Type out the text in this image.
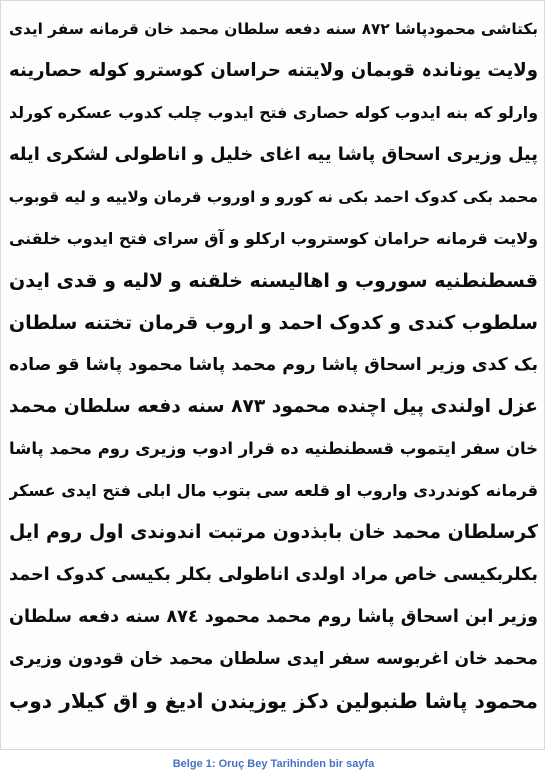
بکتاشی محمودپاشا ٨٧٢ سنه دفعه سلطان محمد خان قرمانه سفر ایدی
ولایت یوناندہ قوبمان ولایتنه حراسان کوسترو کوله حصارینه
وارلو که بنه ایدوب کوله حصاری فتح ایدوب چلب کدوب عسکره کورلد
پیل وزیری اسحاق پاشا ییه اغای خلیل و اناطولی لشکری ایله
محمد بکی کدوک احمد بکی نه کورو و اوروب قرمان ولاییه و لیه قوبوب
ولایت قرمانه حرامان کوستروب ارکلو و آق سرای فتح ایدوب خلقنی
قسطنطنیه سوروب و اهالیسنه خلقنه و لالیه و قدی ایدن
سلطوب کندی و کدوک احمد و اروب قرمان تختنه سلطان
بک کدی وزیر اسحاق پاشا روم محمد پاشا محمود پاشا قو صاده
عزل اولندی پیل اچنده محمود ٨٧٣ سنه دفعه سلطان محمد
خان سفر ایتموب قسطنطنیه ده قرار ادوب وزیری روم محمد پاشا
قرمانه کوندردی واروب او قلعه سی بتوب مال ابلی فتح ایدی عسکر
کرسلطان محمد خان بابذدون مرتبت اندوندی اول روم ایل
بکلربکیسی خاص مراد اولدی اناطولی بکلر بکیسی کدوک احمد
وزیر ابن اسحاق پاشا روم محمد محمود ٨٧٤ سنه دفعه سلطان
محمد خان اغربوسه سفر ایدی سلطان محمد خان قودون وزیری
محمود پاشا طنبولین دکز یوزیندن ادیغ و اق کیلار دوب
Belge 1: Oruç Bey Tarihinden bir sayfa
